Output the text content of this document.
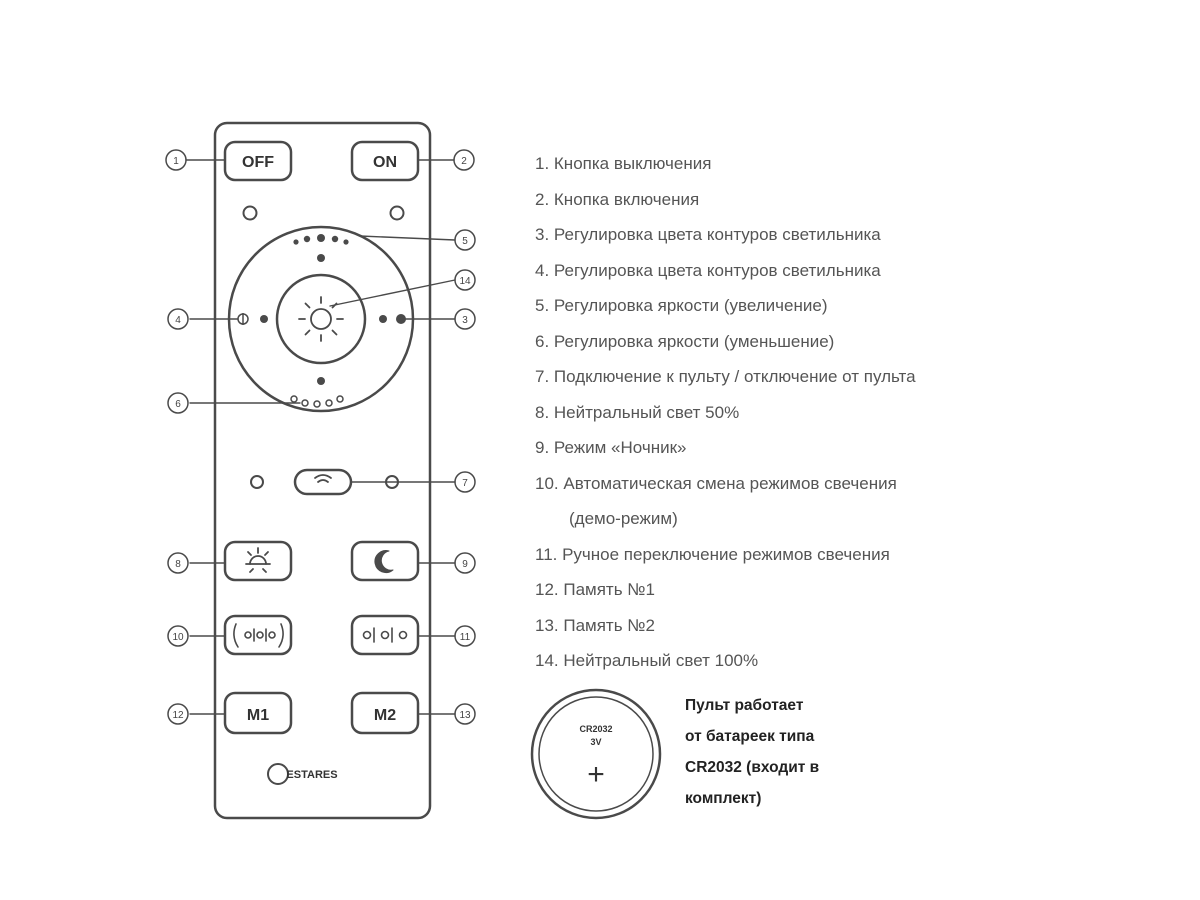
OFF	ON
M1	M2
ESTARES
1	2
3
4
5
6
7
8	9
10	11
12	13
14
CR2032
3V
+
1. Кнопка выключения
2. Кнопка включения
3. Регулировка цвета контуров светильника
4. Регулировка цвета контуров светильника
5. Регулировка яркости (увеличение)
6. Регулировка яркости (уменьшение)
7. Подключение к пульту / отключение от пульта
8. Нейтральный свет 50%
9. Режим «Ночник»
10. Автоматическая смена режимов свечения
(демо-режим)
11. Ручное переключение режимов свечения
12. Память №1
13. Память №2
14. Нейтральный свет 100%
Пульт работает
от батареек типа
CR2032 (входит в
комплект)
